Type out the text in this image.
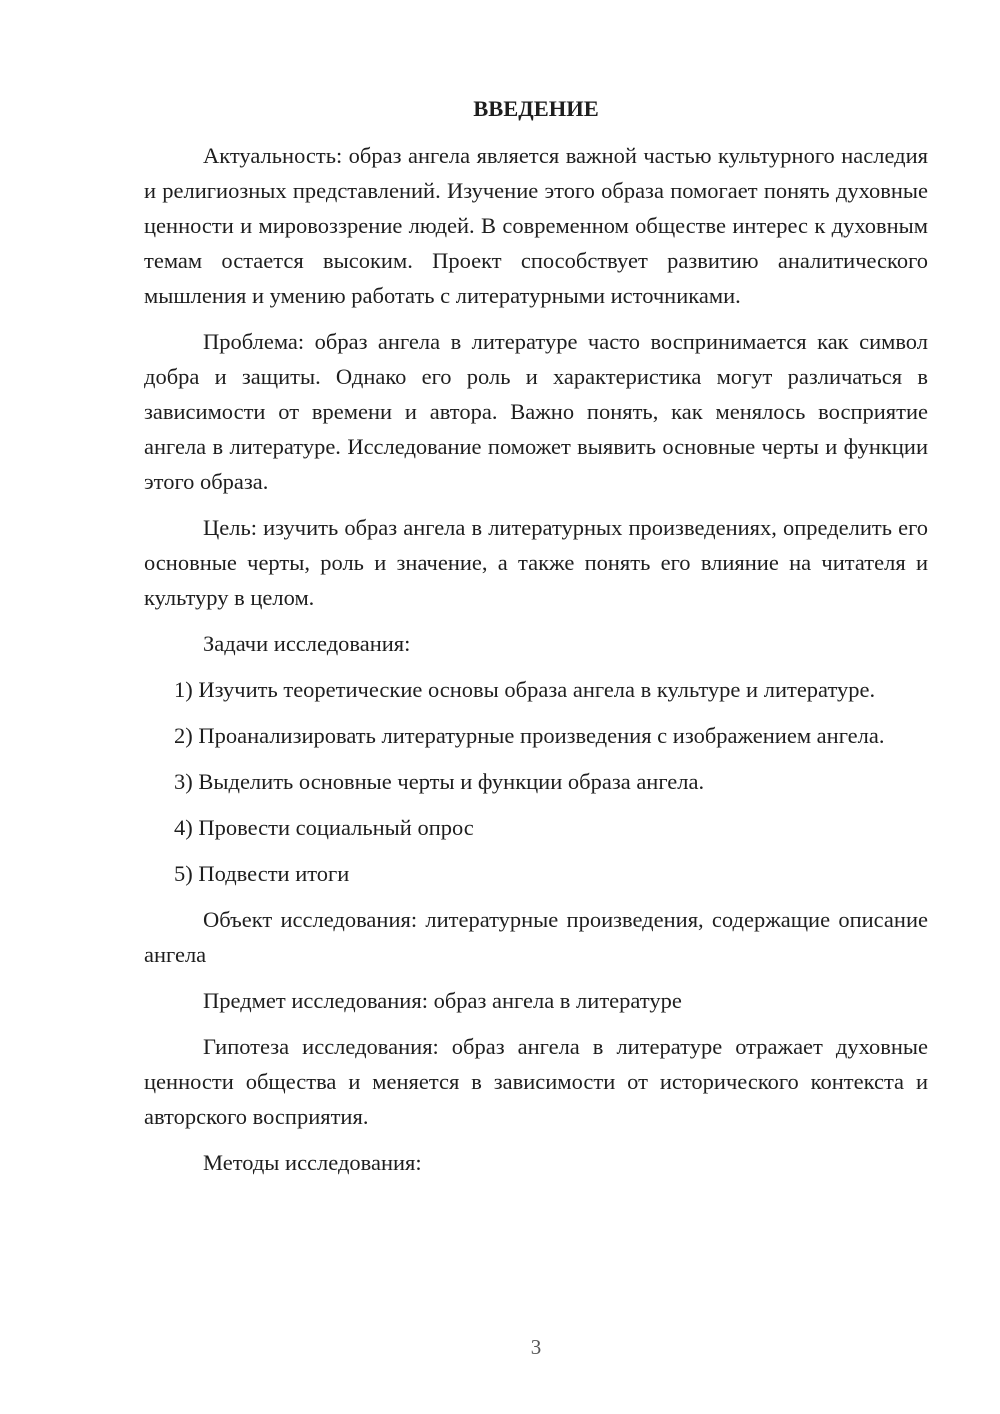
ВВЕДЕНИЕ

Актуальность: образ ангела является важной частью культурного наследия и религиозных представлений. Изучение этого образа помогает понять духовные ценности и мировоззрение людей. В современном обществе интерес к духовным темам остается высоким. Проект способствует развитию аналитического мышления и умению работать с литературными источниками.

Проблема: образ ангела в литературе часто воспринимается как символ добра и защиты. Однако его роль и характеристика могут различаться в зависимости от времени и автора. Важно понять, как менялось восприятие ангела в литературе. Исследование поможет выявить основные черты и функции этого образа.

Цель: изучить образ ангела в литературных произведениях, определить его основные черты, роль и значение, а также понять его влияние на читателя и культуру в целом.

Задачи исследования:

1) Изучить теоретические основы образа ангела в культуре и литературе.

2) Проанализировать литературные произведения с изображением ангела.

3) Выделить основные черты и функции образа ангела.

4) Провести социальный опрос

5) Подвести итоги

Объект исследования: литературные произведения, содержащие описание ангела

Предмет исследования: образ ангела в литературе

Гипотеза исследования: образ ангела в литературе отражает духовные ценности общества и меняется в зависимости от исторического контекста и авторского восприятия.

Методы исследования:

3
